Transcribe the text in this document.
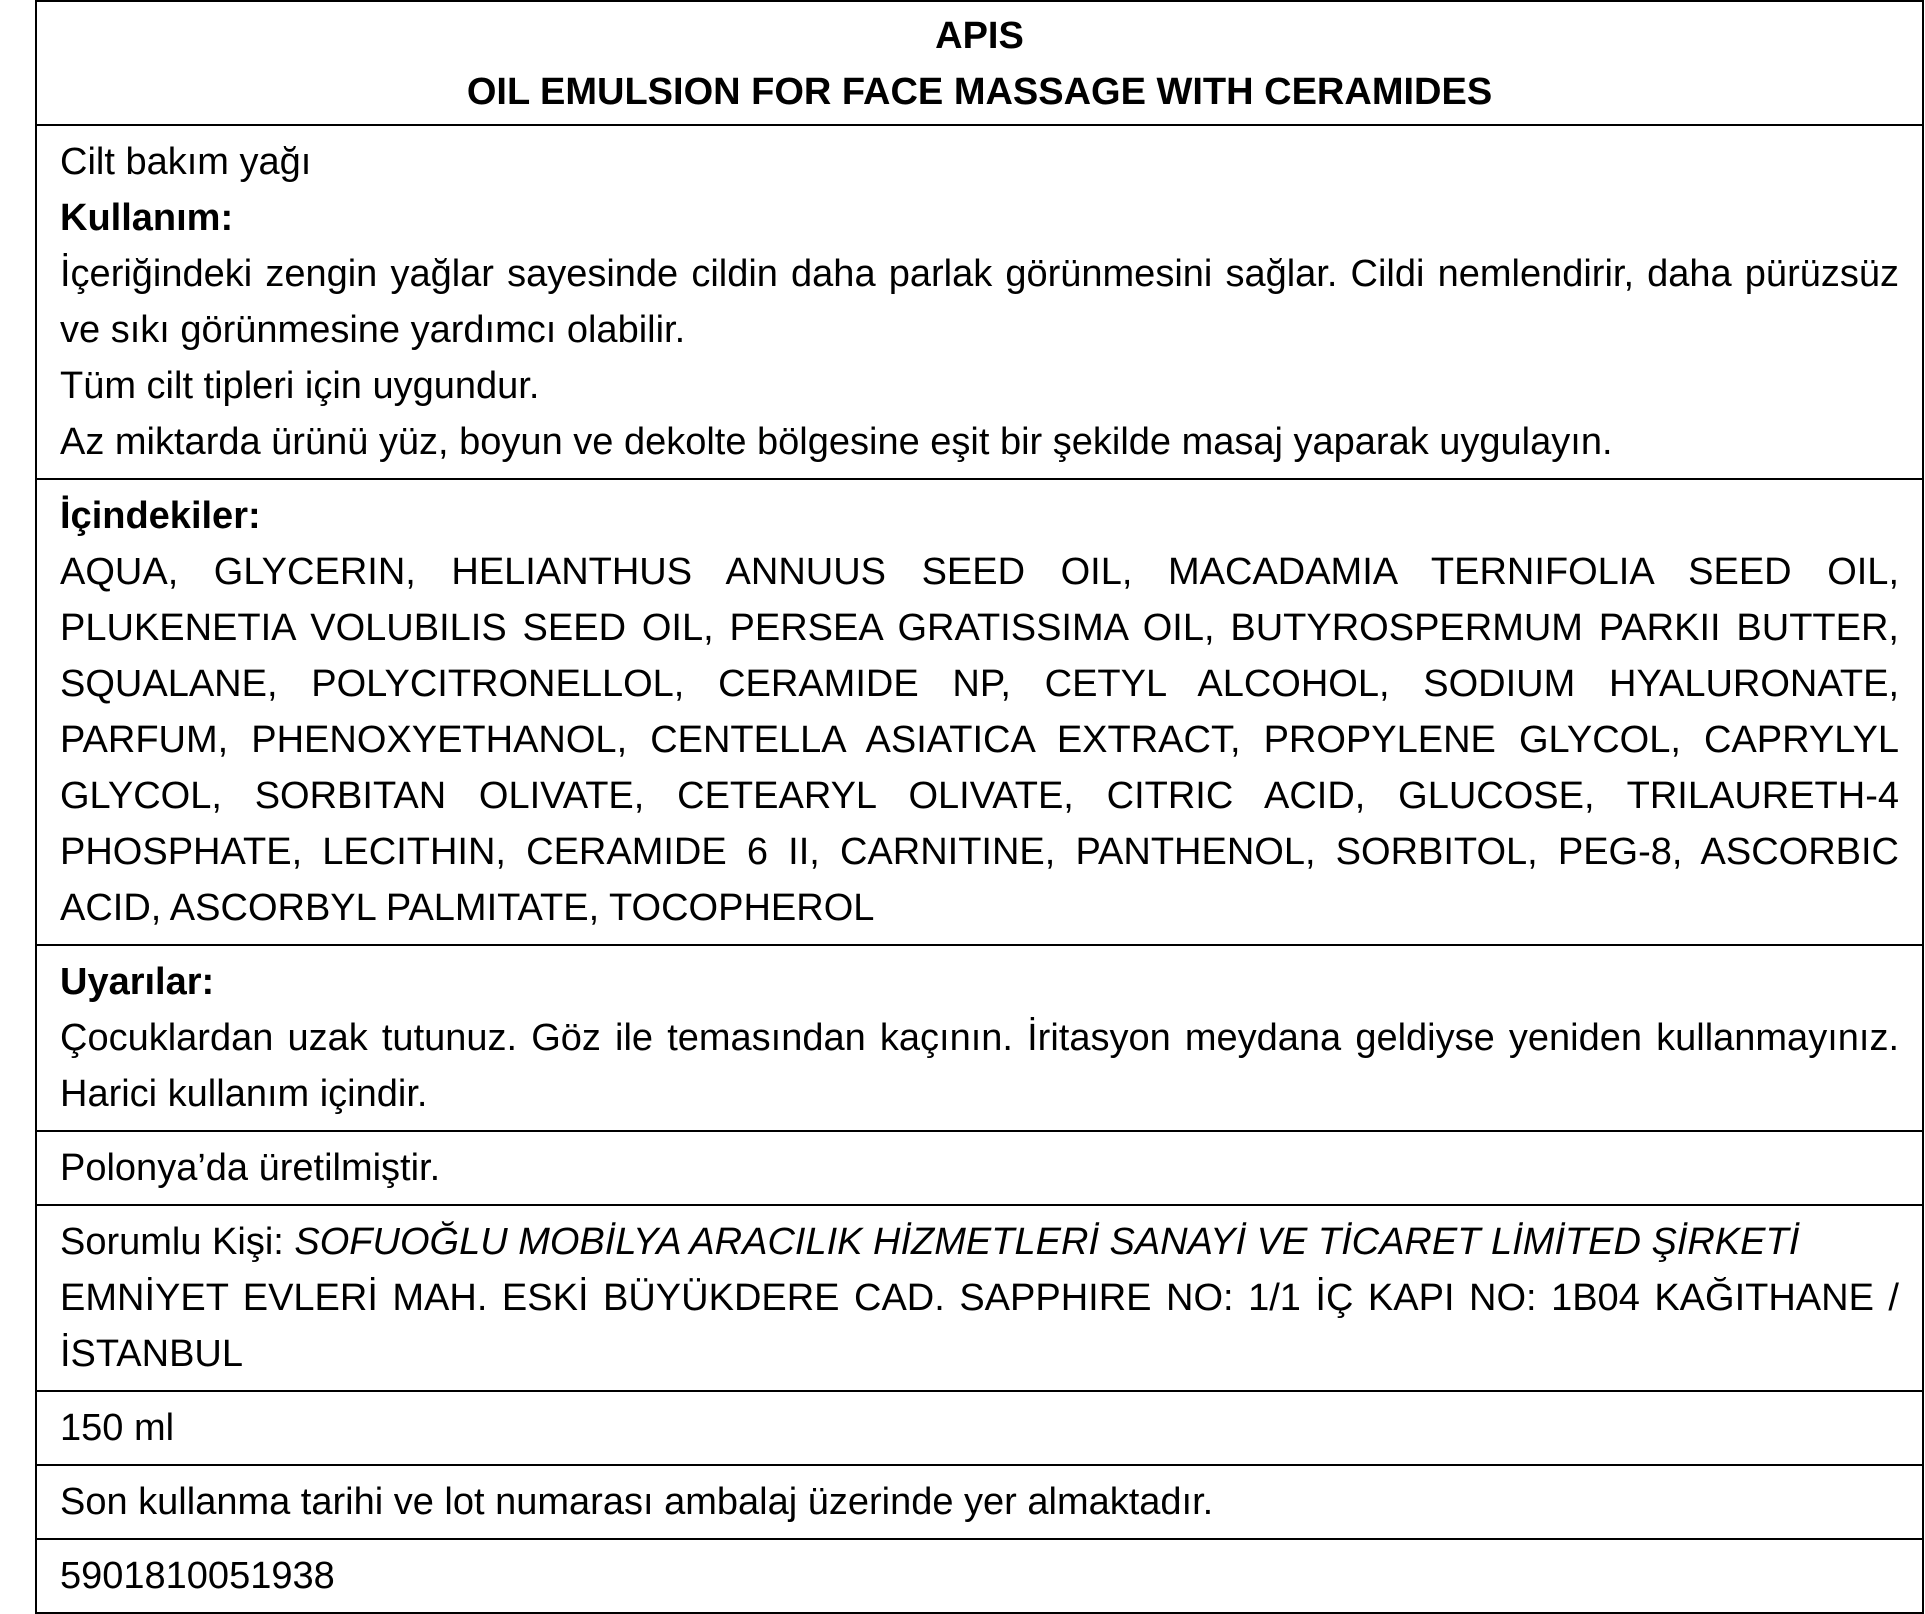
APIS
OIL EMULSION FOR FACE MASSAGE WITH CERAMIDES
Cilt bakım yağı
Kullanım:
İçeriğindeki zengin yağlar sayesinde cildin daha parlak görünmesini sağlar. Cildi nemlendirir, daha pürüzsüz ve sıkı görünmesine yardımcı olabilir.
Tüm cilt tipleri için uygundur.
Az miktarda ürünü yüz, boyun ve dekolte bölgesine eşit bir şekilde masaj yaparak uygulayın.
İçindekiler:
AQUA, GLYCERIN, HELIANTHUS ANNUUS SEED OIL, MACADAMIA TERNIFOLIA SEED OIL, PLUKENETIA VOLUBILIS SEED OIL, PERSEA GRATISSIMA OIL, BUTYROSPERMUM PARKII BUTTER, SQUALANE, POLYCITRONELLOL, CERAMIDE NP, CETYL ALCOHOL, SODIUM HYALURONATE, PARFUM, PHENOXYETHANOL, CENTELLA ASIATICA EXTRACT, PROPYLENE GLYCOL, CAPRYLYL GLYCOL, SORBITAN OLIVATE, CETEARYL OLIVATE, CITRIC ACID, GLUCOSE, TRILAURETH-4 PHOSPHATE, LECITHIN, CERAMIDE 6 II, CARNITINE, PANTHENOL, SORBITOL, PEG-8, ASCORBIC ACID, ASCORBYL PALMITATE, TOCOPHEROL
Uyarılar:
Çocuklardan uzak tutunuz. Göz ile temasından kaçının. İritasyon meydana geldiyse yeniden kullanmayınız. Harici kullanım içindir.
Polonya’da üretilmiştir.
Sorumlu Kişi: SOFUOĞLU MOBİLYA ARACILIK HİZMETLERİ SANAYİ VE TİCARET LİMİTED ŞİRKETİ
EMNİYET EVLERİ MAH. ESKİ BÜYÜKDERE CAD. SAPPHIRE NO: 1/1 İÇ KAPI NO: 1B04 KAĞITHANE / İSTANBUL
150 ml
Son kullanma tarihi ve lot numarası ambalaj üzerinde yer almaktadır.
5901810051938
